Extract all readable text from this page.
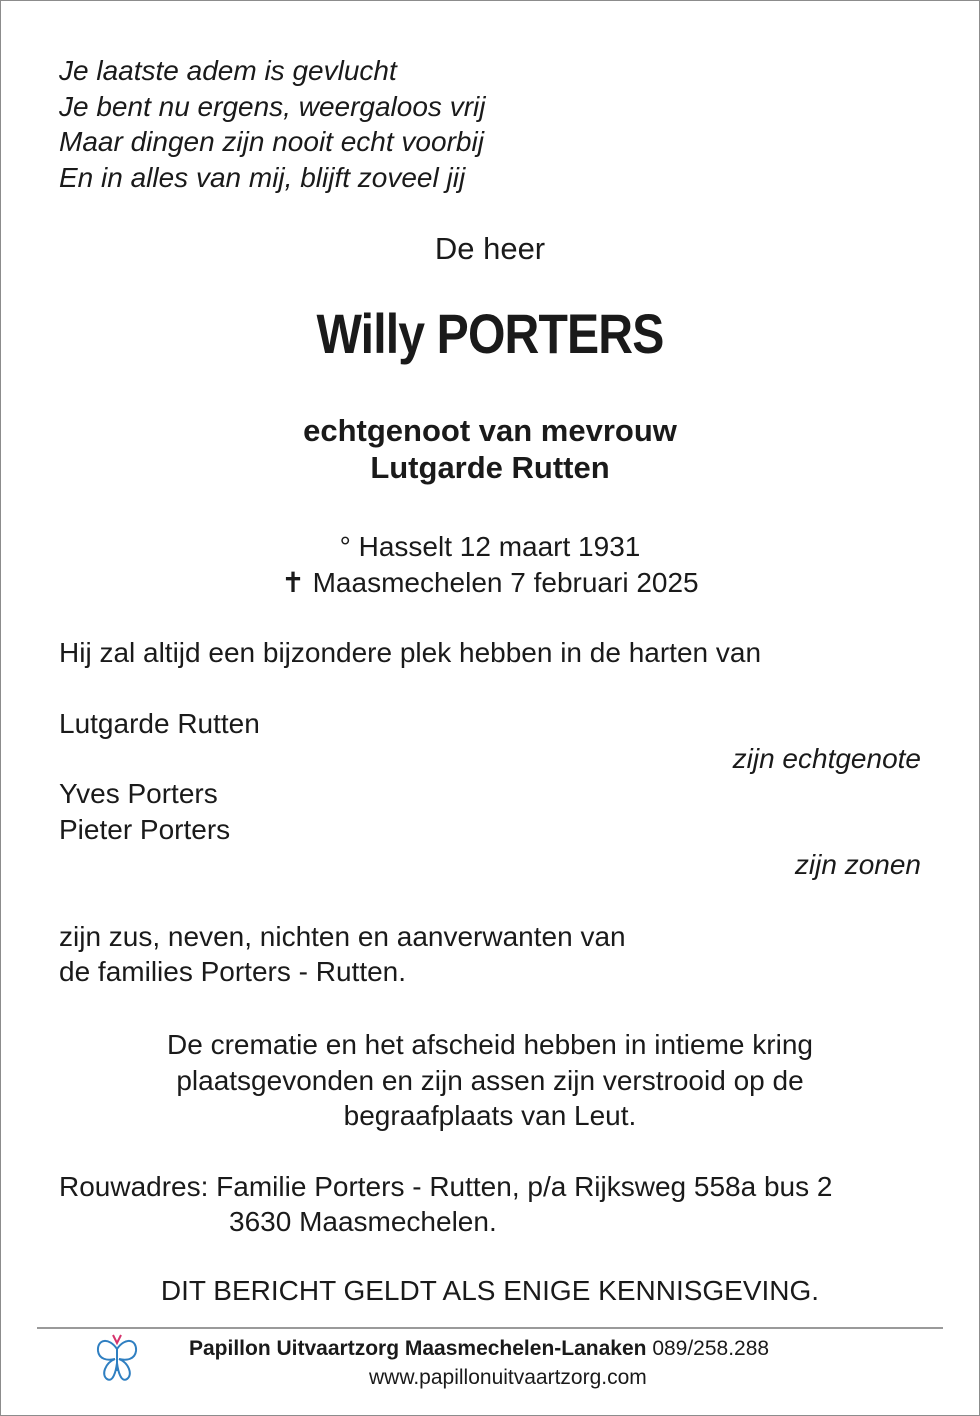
Je laatste adem is gevlucht
Je bent nu ergens, weergaloos vrij
Maar dingen zijn nooit echt voorbij
En in alles van mij, blijft zoveel jij
De heer
Willy PORTERS
echtgenoot van mevrouw
Lutgarde Rutten
° Hasselt 12 maart 1931
✝ Maasmechelen 7 februari 2025
Hij zal altijd een bijzondere plek hebben in de harten van
Lutgarde Rutten
zijn echtgenote
Yves Porters
Pieter Porters
zijn zonen
zijn zus, neven, nichten en aanverwanten van
de families Porters - Rutten.
De crematie en het afscheid hebben in intieme kring
plaatsgevonden en zijn assen zijn verstrooid op de
begraafplaats van Leut.
Rouwadres: Familie Porters - Rutten, p/a Rijksweg 558a bus 2
3630 Maasmechelen.
DIT BERICHT GELDT ALS ENIGE KENNISGEVING.
Papillon Uitvaartzorg Maasmechelen-Lanaken 089/258.288
www.papillonuitvaartzorg.com
